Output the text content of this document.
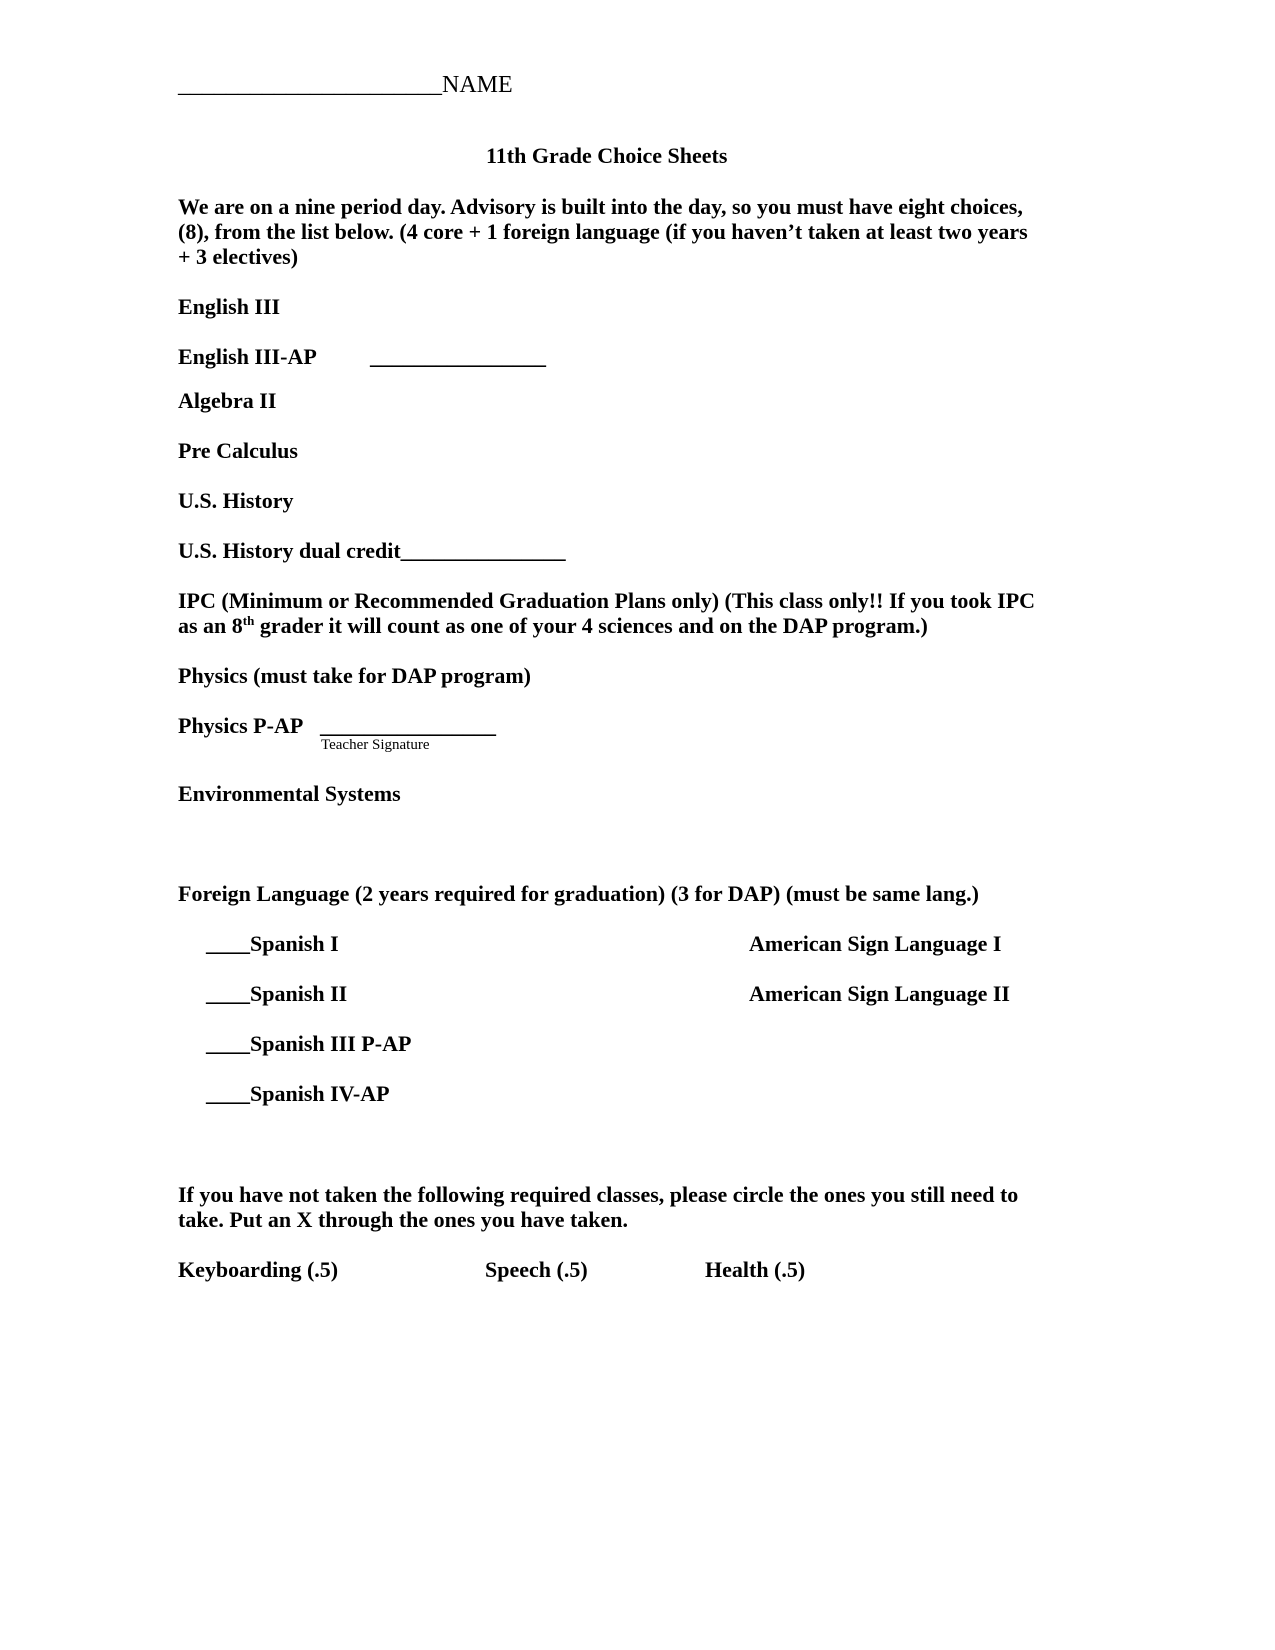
______________________NAME
11th Grade Choice Sheets
We are on a nine period day. Advisory is built into the day, so you must have eight choices,
(8), from the list below. (4 core + 1 foreign language (if you haven’t taken at least two years
+ 3 electives)
English III
English III-AP ________________
Algebra II
Pre Calculus
U.S. History
U.S. History dual credit_______________
IPC (Minimum or Recommended Graduation Plans only) (This class only!! If you took IPC
as an 8th grader it will count as one of your 4 sciences and on the DAP program.)
Physics (must take for DAP program)
Physics P-AP ________________
Teacher Signature
Environmental Systems
Foreign Language (2 years required for graduation) (3 for DAP) (must be same lang.)
____Spanish I	American Sign Language I
____Spanish II	American Sign Language II
____Spanish III P-AP
____Spanish IV-AP
If you have not taken the following required classes, please circle the ones you still need to
take. Put an X through the ones you have taken.
Keyboarding (.5)	Speech (.5)	Health (.5)
